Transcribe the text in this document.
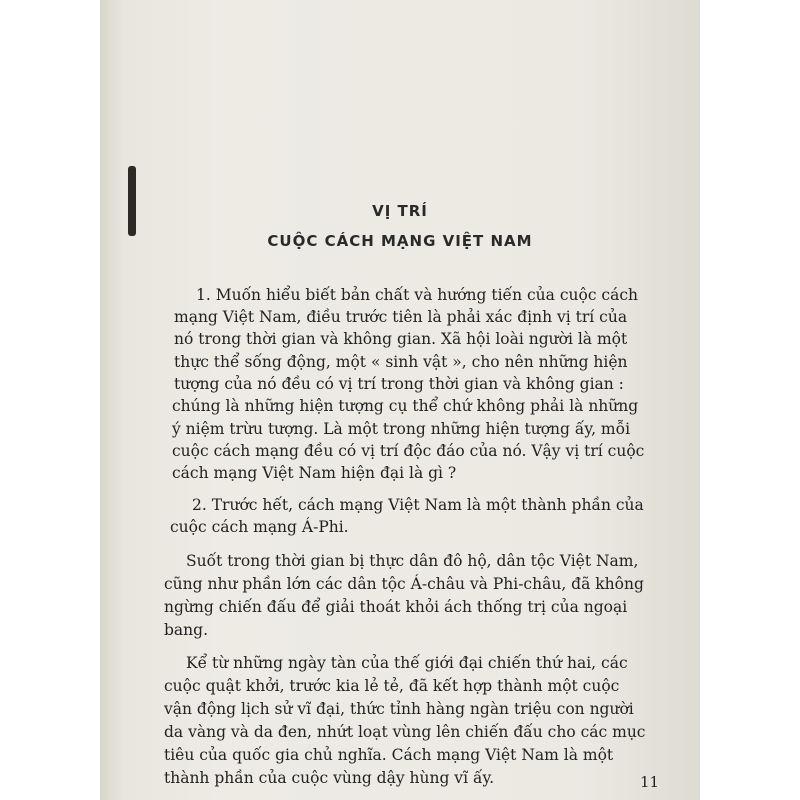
VỊ TRÍ
CUỘC CÁCH MẠNG VIỆT NAM
1. Muốn hiểu biết bản chất và hướng tiến của cuộc cách
mạng Việt Nam, điều trước tiên là phải xác định vị trí của
nó trong thời gian và không gian. Xã hội loài người là một
thực thể sống động, một « sinh vật », cho nên những hiện
tượng của nó đều có vị trí trong thời gian và không gian :
chúng là những hiện tượng cụ thể chứ không phải là những
ý niệm trừu tượng. Là một trong những hiện tượng ấy, mỗi
cuộc cách mạng đều có vị trí độc đáo của nó. Vậy vị trí cuộc
cách mạng Việt Nam hiện đại là gì ?
2. Trước hết, cách mạng Việt Nam là một thành phần của
cuộc cách mạng Á-Phi.
Suốt trong thời gian bị thực dân đô hộ, dân tộc Việt Nam,
cũng như phần lớn các dân tộc Á-châu và Phi-châu, đã không
ngừng chiến đấu để giải thoát khỏi ách thống trị của ngoại
bang.
Kể từ những ngày tàn của thế giới đại chiến thứ hai, các
cuộc quật khởi, trước kia lẻ tẻ, đã kết hợp thành một cuộc
vận động lịch sử vĩ đại, thức tỉnh hàng ngàn triệu con người
da vàng và da đen, nhứt loạt vùng lên chiến đấu cho các mục
tiêu của quốc gia chủ nghĩa. Cách mạng Việt Nam là một
thành phần của cuộc vùng dậy hùng vĩ ấy.	11
